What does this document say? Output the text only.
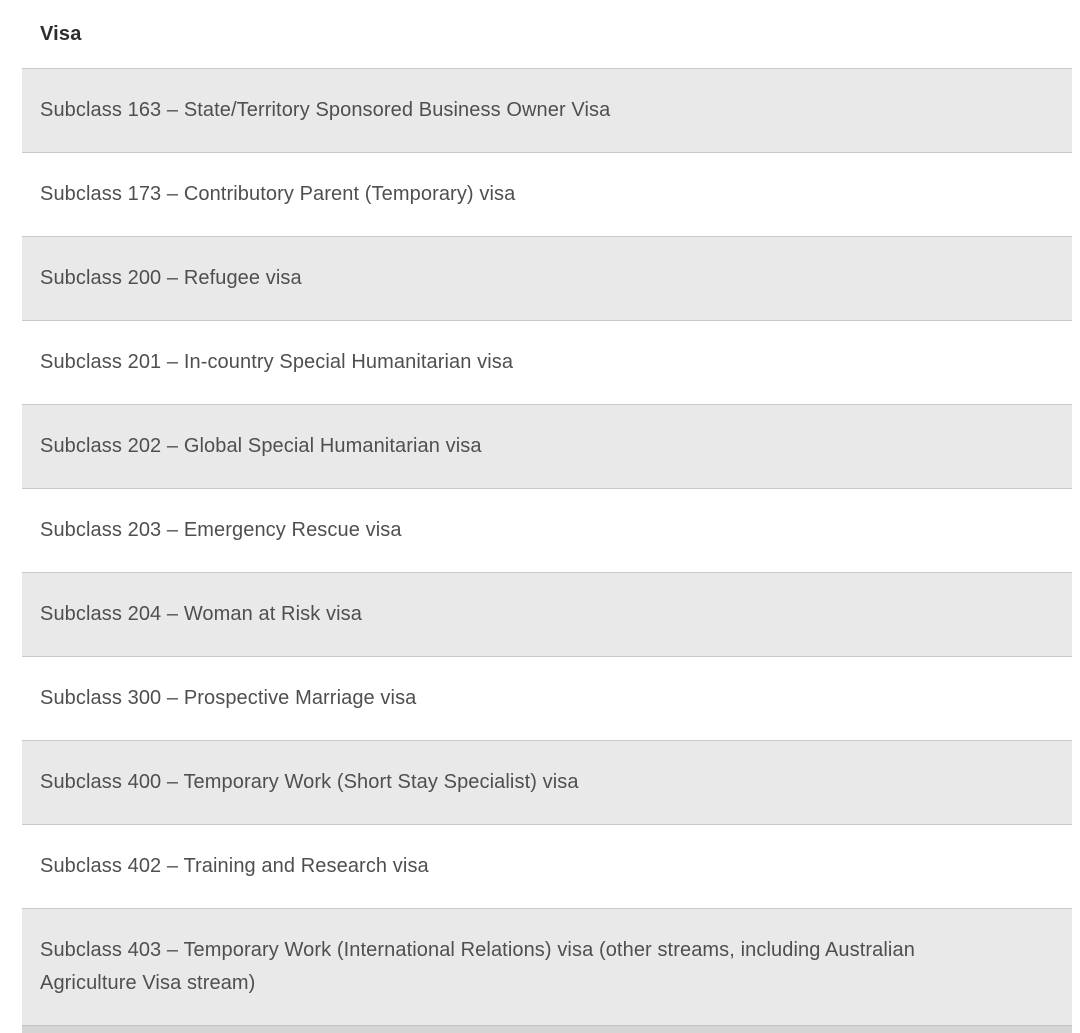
Visa
Subclass 163 – State/Territory Sponsored Business Owner Visa
Subclass 173 – Contributory Parent (Temporary) visa
Subclass 200 – Refugee visa
Subclass 201 – In-country Special Humanitarian visa
Subclass 202 – Global Special Humanitarian visa
Subclass 203 – Emergency Rescue visa
Subclass 204 – Woman at Risk visa
Subclass 300 – Prospective Marriage visa
Subclass 400 – Temporary Work (Short Stay Specialist) visa
Subclass 402 – Training and Research visa
Subclass 403 – Temporary Work (International Relations) visa (other streams, including Australian Agriculture Visa stream)
